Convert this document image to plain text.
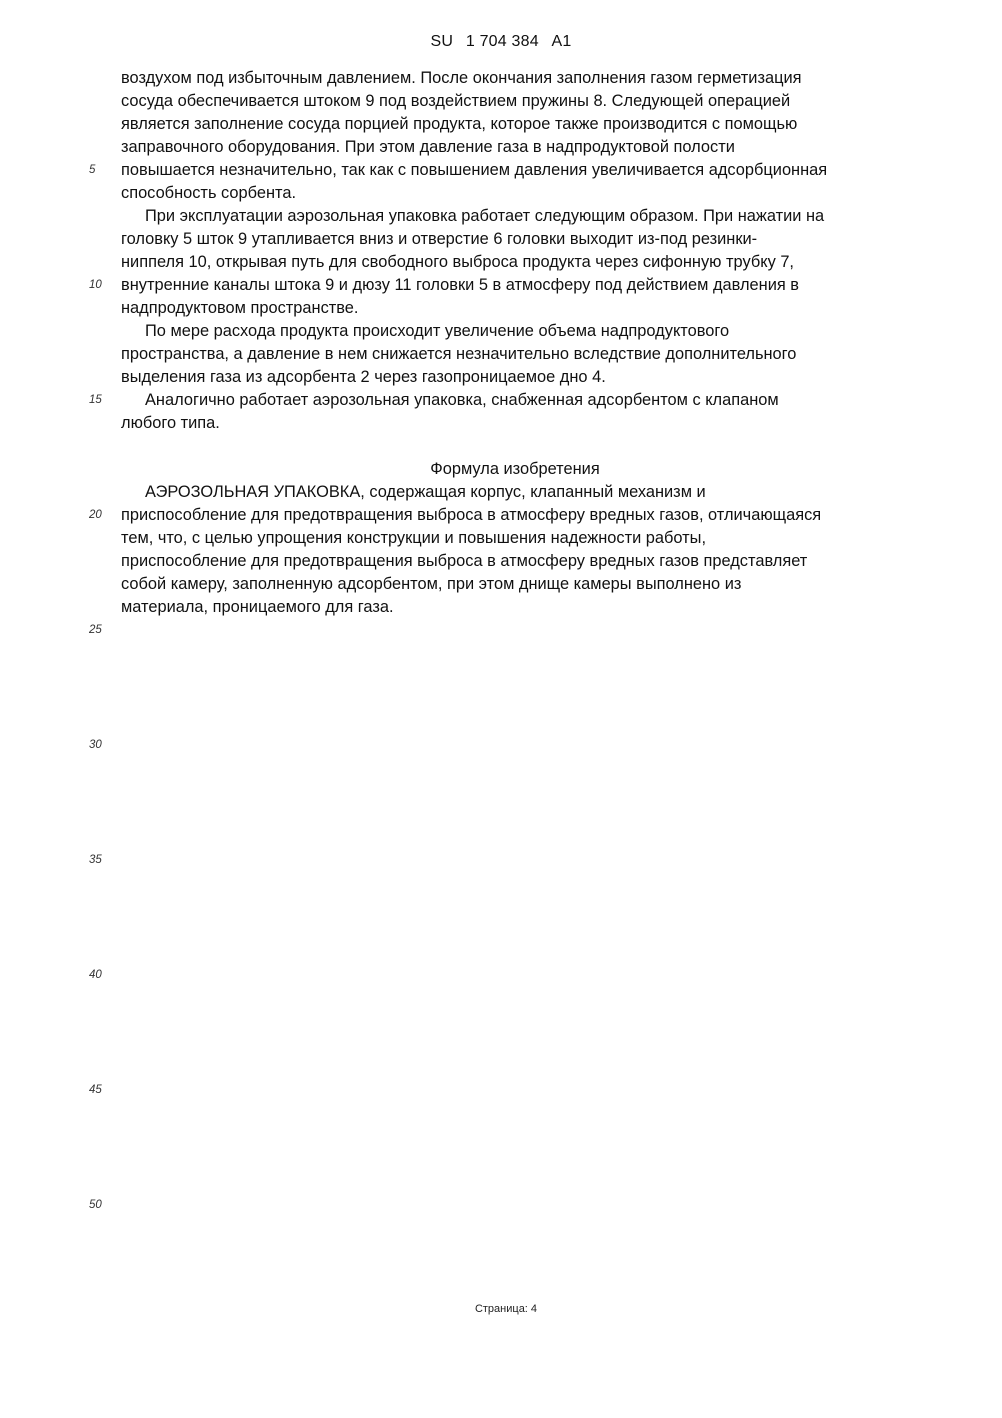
SU 1 704 384 A1
воздухом под избыточным давлением. После окончания заполнения газом герметизация
сосуда обеспечивается штоком 9 под воздействием пружины 8. Следующей операцией
является заполнение сосуда порцией продукта, которое также производится с помощью
заправочного оборудования. При этом давление газа в надпродуктовой полости
повышается незначительно, так как с повышением давления увеличивается адсорбционная
способность сорбента.
При эксплуатации аэрозольная упаковка работает следующим образом. При нажатии на
головку 5 шток 9 утапливается вниз и отверстие 6 головки выходит из-под резинки-
ниппеля 10, открывая путь для свободного выброса продукта через сифонную трубку 7,
внутренние каналы штока 9 и дюзу 11 головки 5 в атмосферу под действием давления в
надпродуктовом пространстве.
По мере расхода продукта происходит увеличение объема надпродуктового
пространства, а давление в нем снижается незначительно вследствие дополнительного
выделения газа из адсорбента 2 через газопроницаемое дно 4.
Аналогично работает аэрозольная упаковка, снабженная адсорбентом с клапаном
любого типа.
Формула изобретения
АЭРОЗОЛЬНАЯ УПАКОВКА, содержащая корпус, клапанный механизм и
приспособление для предотвращения выброса в атмосферу вредных газов, отличающаяся
тем, что, с целью упрощения конструкции и повышения надежности работы,
приспособление для предотвращения выброса в атмосферу вредных газов представляет
собой камеру, заполненную адсорбентом, при этом днище камеры выполнено из
материала, проницаемого для газа.
5
10
15
20
25
30
35
40
45
50
Страница: 4
